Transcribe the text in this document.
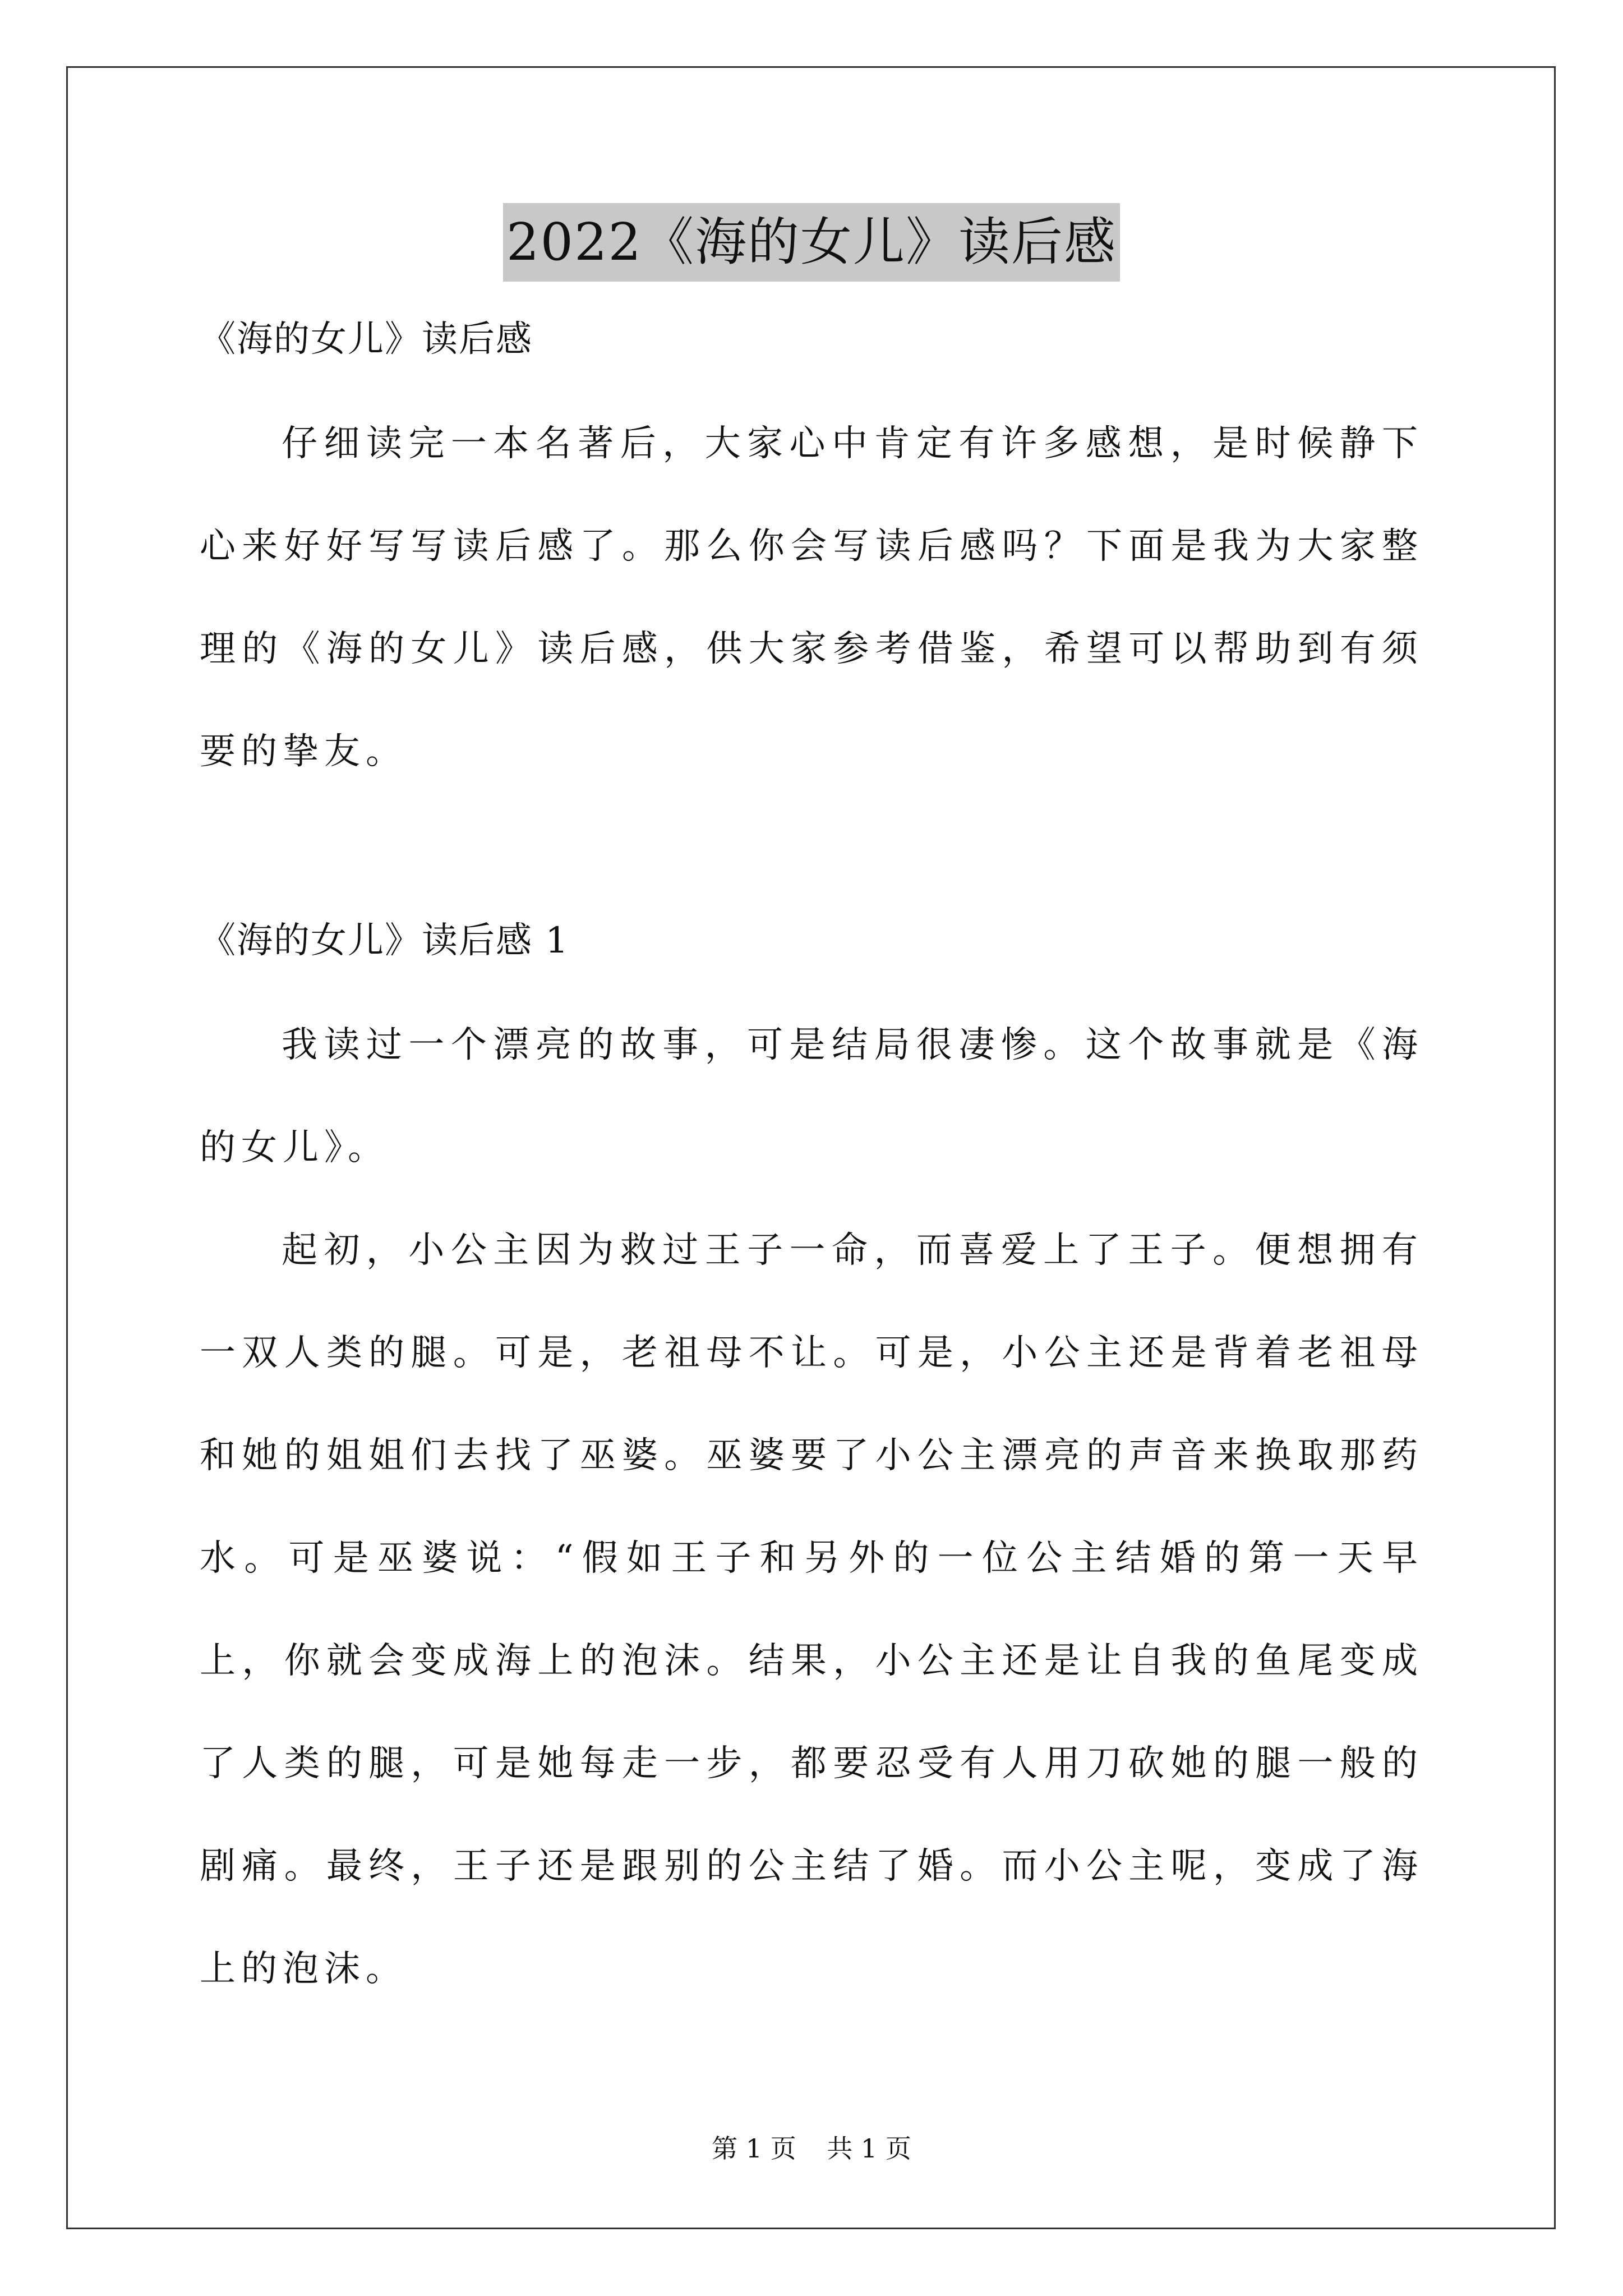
2022《海的女儿》读后感

《海的女儿》读后感

仔细读完一本名著后，大家心中肯定有许多感想，是时候静下心来好好写写读后感了。那么你会写读后感吗？下面是我为大家整理的《海的女儿》读后感，供大家参考借鉴，希望可以帮助到有须要的挚友。

《海的女儿》读后感 1

我读过一个漂亮的故事，可是结局很凄惨。这个故事就是《海的女儿》。

起初，小公主因为救过王子一命，而喜爱上了王子。便想拥有一双人类的腿。可是，老祖母不让。可是，小公主还是背着老祖母和她的姐姐们去找了巫婆。巫婆要了小公主漂亮的声音来换取那药水。可是巫婆说：“假如王子和另外的一位公主结婚的第一天早上，你就会变成海上的泡沫。结果，小公主还是让自我的鱼尾变成了人类的腿，可是她每走一步，都要忍受有人用刀砍她的腿一般的剧痛。最终，王子还是跟别的公主结了婚。而小公主呢，变成了海上的泡沫。

第 1 页 共 1 页
